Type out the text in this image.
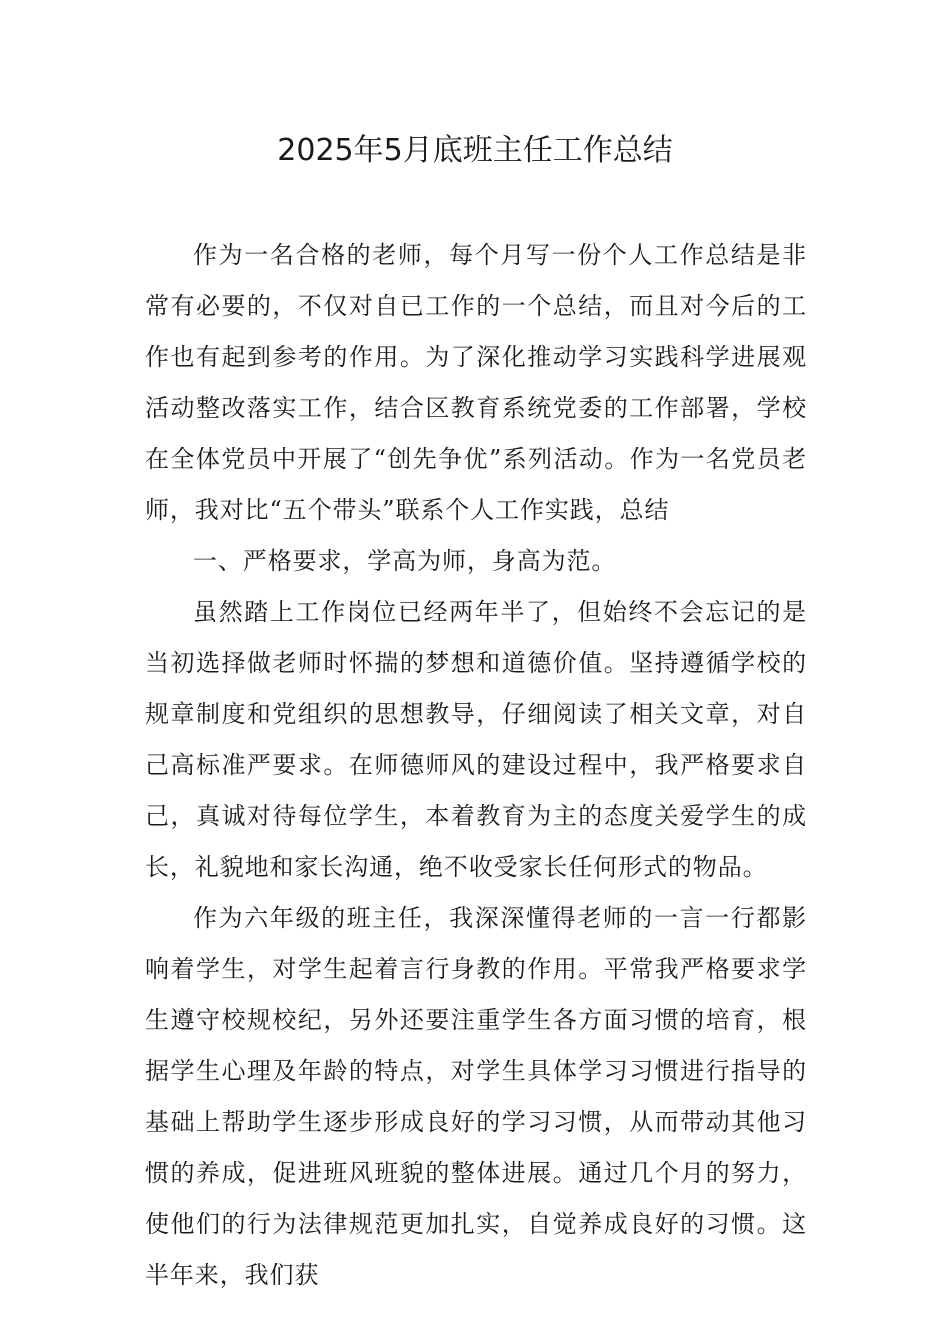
2025年5月底班主任工作总结

作为一名合格的老师，每个月写一份个人工作总结是非常有必要的，不仅对自已工作的一个总结，而且对今后的工作也有起到参考的作用。为了深化推动学习实践科学进展观活动整改落实工作，结合区教育系统党委的工作部署，学校在全体党员中开展了“创先争优”系列活动。作为一名党员老师，我对比“五个带头”联系个人工作实践，总结

一、严格要求，学高为师，身高为范。

虽然踏上工作岗位已经两年半了，但始终不会忘记的是当初选择做老师时怀揣的梦想和道德价值。坚持遵循学校的规章制度和党组织的思想教导，仔细阅读了相关文章，对自己高标准严要求。在师德师风的建设过程中，我严格要求自己，真诚对待每位学生，本着教育为主的态度关爱学生的成长，礼貌地和家长沟通，绝不收受家长任何形式的物品。

作为六年级的班主任，我深深懂得老师的一言一行都影响着学生，对学生起着言行身教的作用。平常我严格要求学生遵守校规校纪，另外还要注重学生各方面习惯的培育，根据学生心理及年龄的特点，对学生具体学习习惯进行指导的基础上帮助学生逐步形成良好的学习习惯，从而带动其他习惯的养成，促进班风班貌的整体进展。通过几个月的努力，使他们的行为法律规范更加扎实，自觉养成良好的习惯。这半年来，我们获
